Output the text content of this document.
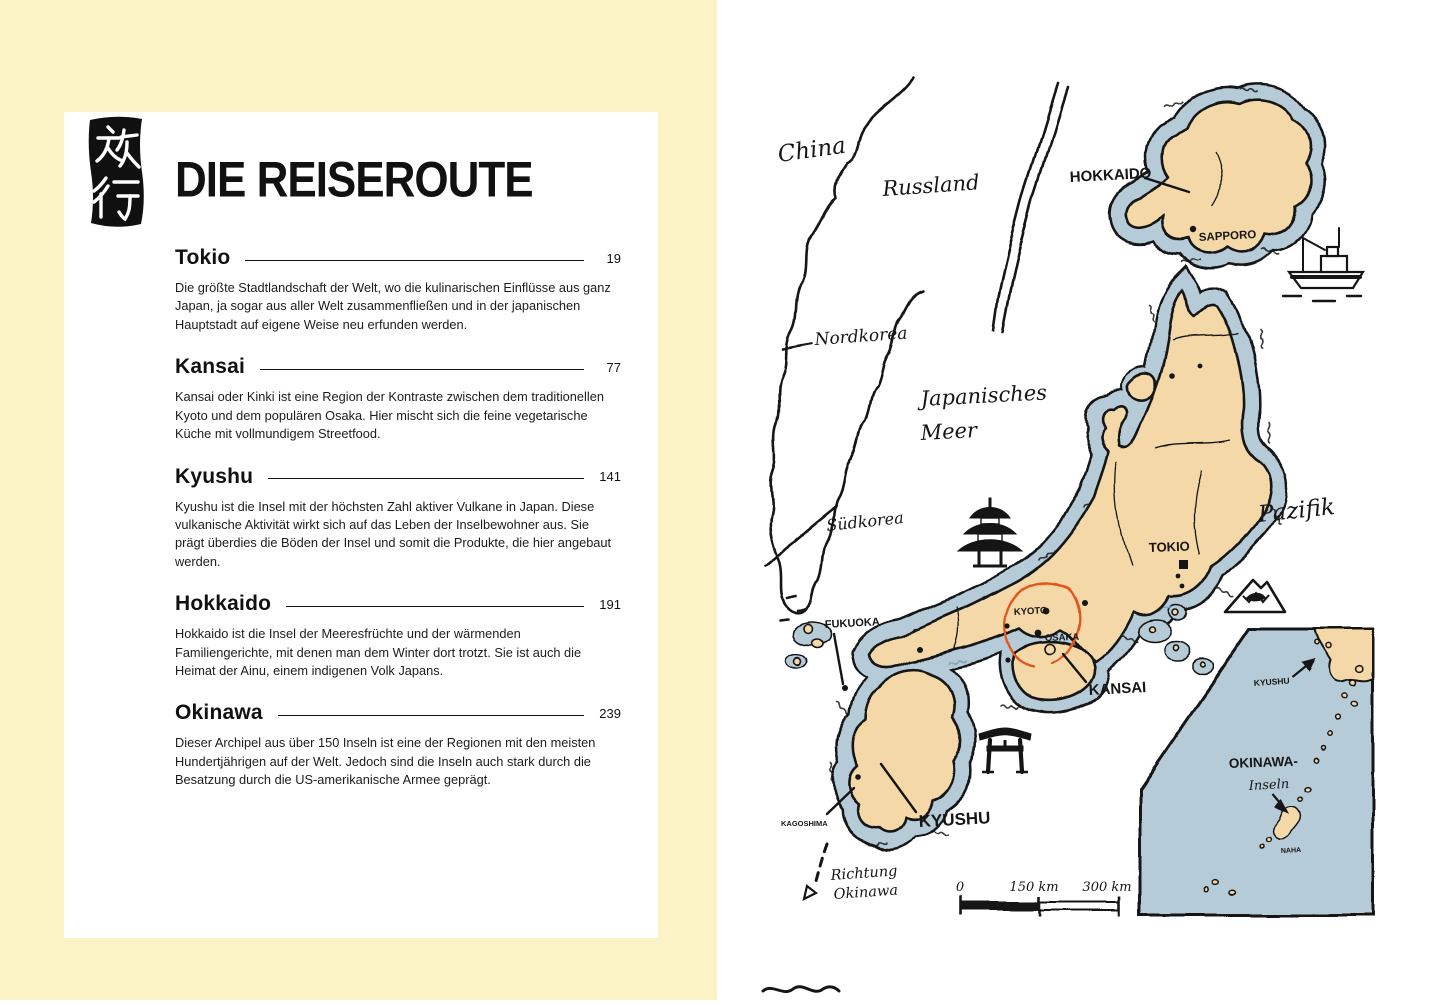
DIE REISEROUTE
Tokio	19

Die größte Stadtlandschaft der Welt, wo die kulinarischen Einflüsse aus ganz Japan, ja sogar aus aller Welt zusammenfließen und in der japanischen Hauptstadt auf eigene Weise neu erfunden werden.

Kansai	77

Kansai oder Kinki ist eine Region der Kontraste zwischen dem traditionellen Kyoto und dem populären Osaka. Hier mischt sich die feine vegetarische Küche mit vollmundigem Streetfood.

Kyushu	141

Kyushu ist die Insel mit der höchsten Zahl aktiver Vulkane in Japan. Diese vulkanische Aktivität wirkt sich auf das Leben der Inselbewohner aus. Sie prägt überdies die Böden der Insel und somit die Produkte, die hier angebaut werden.

Hokkaido	191

Hokkaido ist die Insel der Meeresfrüchte und der wärmenden Familiengerichte, mit denen man dem Winter dort trotzt. Sie ist auch die Heimat der Ainu, einem indigenen Volk Japans.

Okinawa	239

Dieser Archipel aus über 150 Inseln ist eine der Regionen mit den meisten Hundertjährigen auf der Welt. Jedoch sind die Inseln auch stark durch die Besatzung durch die US-amerikanische Armee geprägt.

China
Russland	HOKKAIDO
SAPPORO
Nordkorea
Japanisches
Meer
Südkorea	Pazifik
TOKIO
KYOTO
OSAKA
KANSAI
FUKUOKA
KYUSHU
KAGOSHIMA
Richtung
Okinawa
KYUSHU
OKINAWA-
Inseln
NAHA
0	150 km 300 km
